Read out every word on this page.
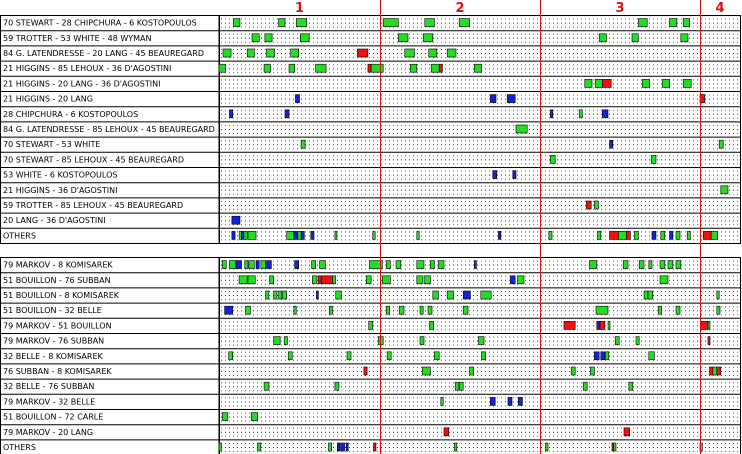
1	2	3	4
70 STEWART - 28 CHIPCHURA - 6 KOSTOPOULOS
59 TROTTER - 53 WHITE - 48 WYMAN
84 G. LATENDRESSE - 20 LANG - 45 BEAUREGARD
21 HIGGINS - 85 LEHOUX - 36 D'AGOSTINI
21 HIGGINS - 20 LANG - 36 D'AGOSTINI
21 HIGGINS - 20 LANG
28 CHIPCHURA - 6 KOSTOPOULOS
84 G. LATENDRESSE - 85 LEHOUX - 45 BEAUREGARD
70 STEWART - 53 WHITE
70 STEWART - 85 LEHOUX - 45 BEAUREGARD
53 WHITE - 6 KOSTOPOULOS
21 HIGGINS - 36 D'AGOSTINI
59 TROTTER - 85 LEHOUX - 45 BEAUREGARD
20 LANG - 36 D'AGOSTINI
OTHERS
79 MARKOV - 8 KOMISAREK
51 BOUILLON - 76 SUBBAN
51 BOUILLON - 8 KOMISAREK
51 BOUILLON - 32 BELLE
79 MARKOV - 51 BOUILLON
79 MARKOV - 76 SUBBAN
32 BELLE - 8 KOMISAREK
76 SUBBAN - 8 KOMISAREK
32 BELLE - 76 SUBBAN
79 MARKOV - 32 BELLE
51 BOUILLON - 72 CARLE
79 MARKOV - 20 LANG
OTHERS
